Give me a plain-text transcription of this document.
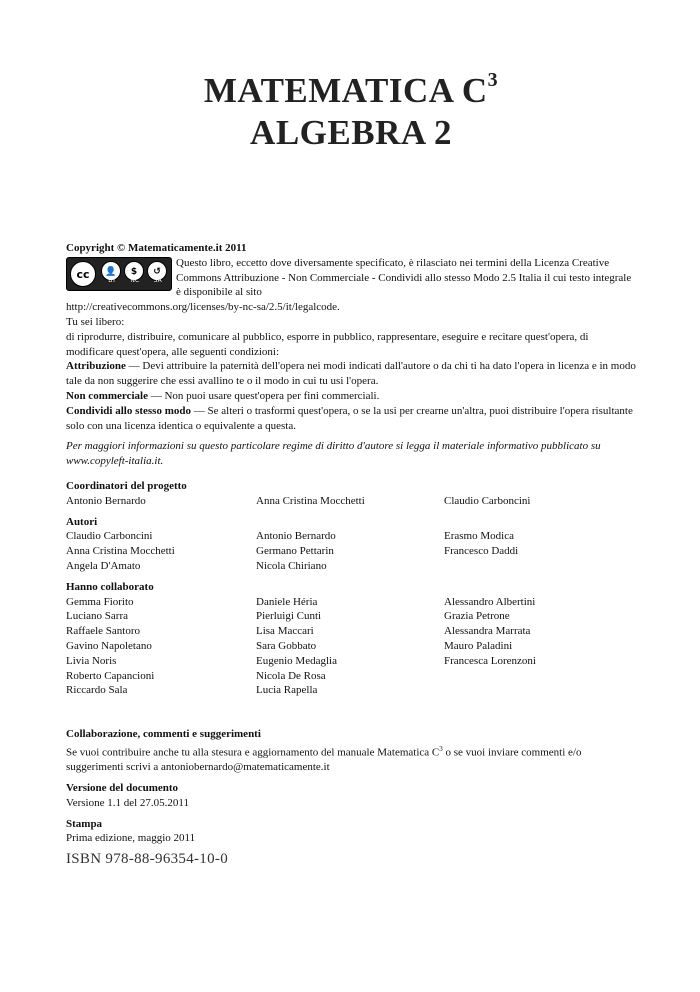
MATEMATICA $C^3$
ALGEBRA 2
Copyright © Matematicamente.it 2011
cc	👤	$	↺
BY NC SA
Questo libro, eccetto dove diversamente specificato, è rilasciato nei termini della Licenza Creative Commons Attribuzione - Non Commerciale - Condividi allo stesso Modo 2.5 Italia il cui testo integrale è disponibile al sito
http://creativecommons.org/licenses/by-nc-sa/2.5/it/legalcode.
Tu sei libero:
di riprodurre, distribuire, comunicare al pubblico, esporre in pubblico, rappresentare, eseguire e recitare quest'opera, di modificare quest'opera, alle seguenti condizioni:
Attribuzione — Devi attribuire la paternità dell'opera nei modi indicati dall'autore o da chi ti ha dato l'opera in licenza e in modo tale da non suggerire che essi avallino te o il modo in cui tu usi l'opera.
Non commerciale — Non puoi usare quest'opera per fini commerciali.
Condividi allo stesso modo — Se alteri o trasformi quest'opera, o se la usi per crearne un'altra, puoi distribuire l'opera risultante solo con una licenza identica o equivalente a questa.
Per maggiori informazioni su questo particolare regime di diritto d'autore si legga il materiale informativo pubblicato su www.copyleft-italia.it.
Coordinatori del progetto
Antonio Bernardo	Anna Cristina Mocchetti	Claudio Carboncini
Autori
Claudio Carboncini	Antonio Bernardo	Erasmo Modica
Anna Cristina Mocchetti	Germano Pettarin	Francesco Daddi
Angela D'Amato	Nicola Chiriano
Hanno collaborato
Gemma Fiorito	Daniele Héria	Alessandro Albertini
Luciano Sarra	Pierluigi Cunti	Grazia Petrone
Raffaele Santoro	Lisa Maccari	Alessandra Marrata
Gavino Napoletano	Sara Gobbato	Mauro Paladini
Livia Noris	Eugenio Medaglia	Francesca Lorenzoni
Roberto Capancioni	Nicola De Rosa
Riccardo Sala	Lucia Rapella
Collaborazione, commenti e suggerimenti
Se vuoi contribuire anche tu alla stesura e aggiornamento del manuale Matematica $C^3$ o se vuoi inviare commenti e/o suggerimenti scrivi a antoniobernardo@matematicamente.it
Versione del documento
Versione 1.1 del 27.05.2011
Stampa
Prima edizione, maggio 2011
ISBN 978-88-96354-10-0
